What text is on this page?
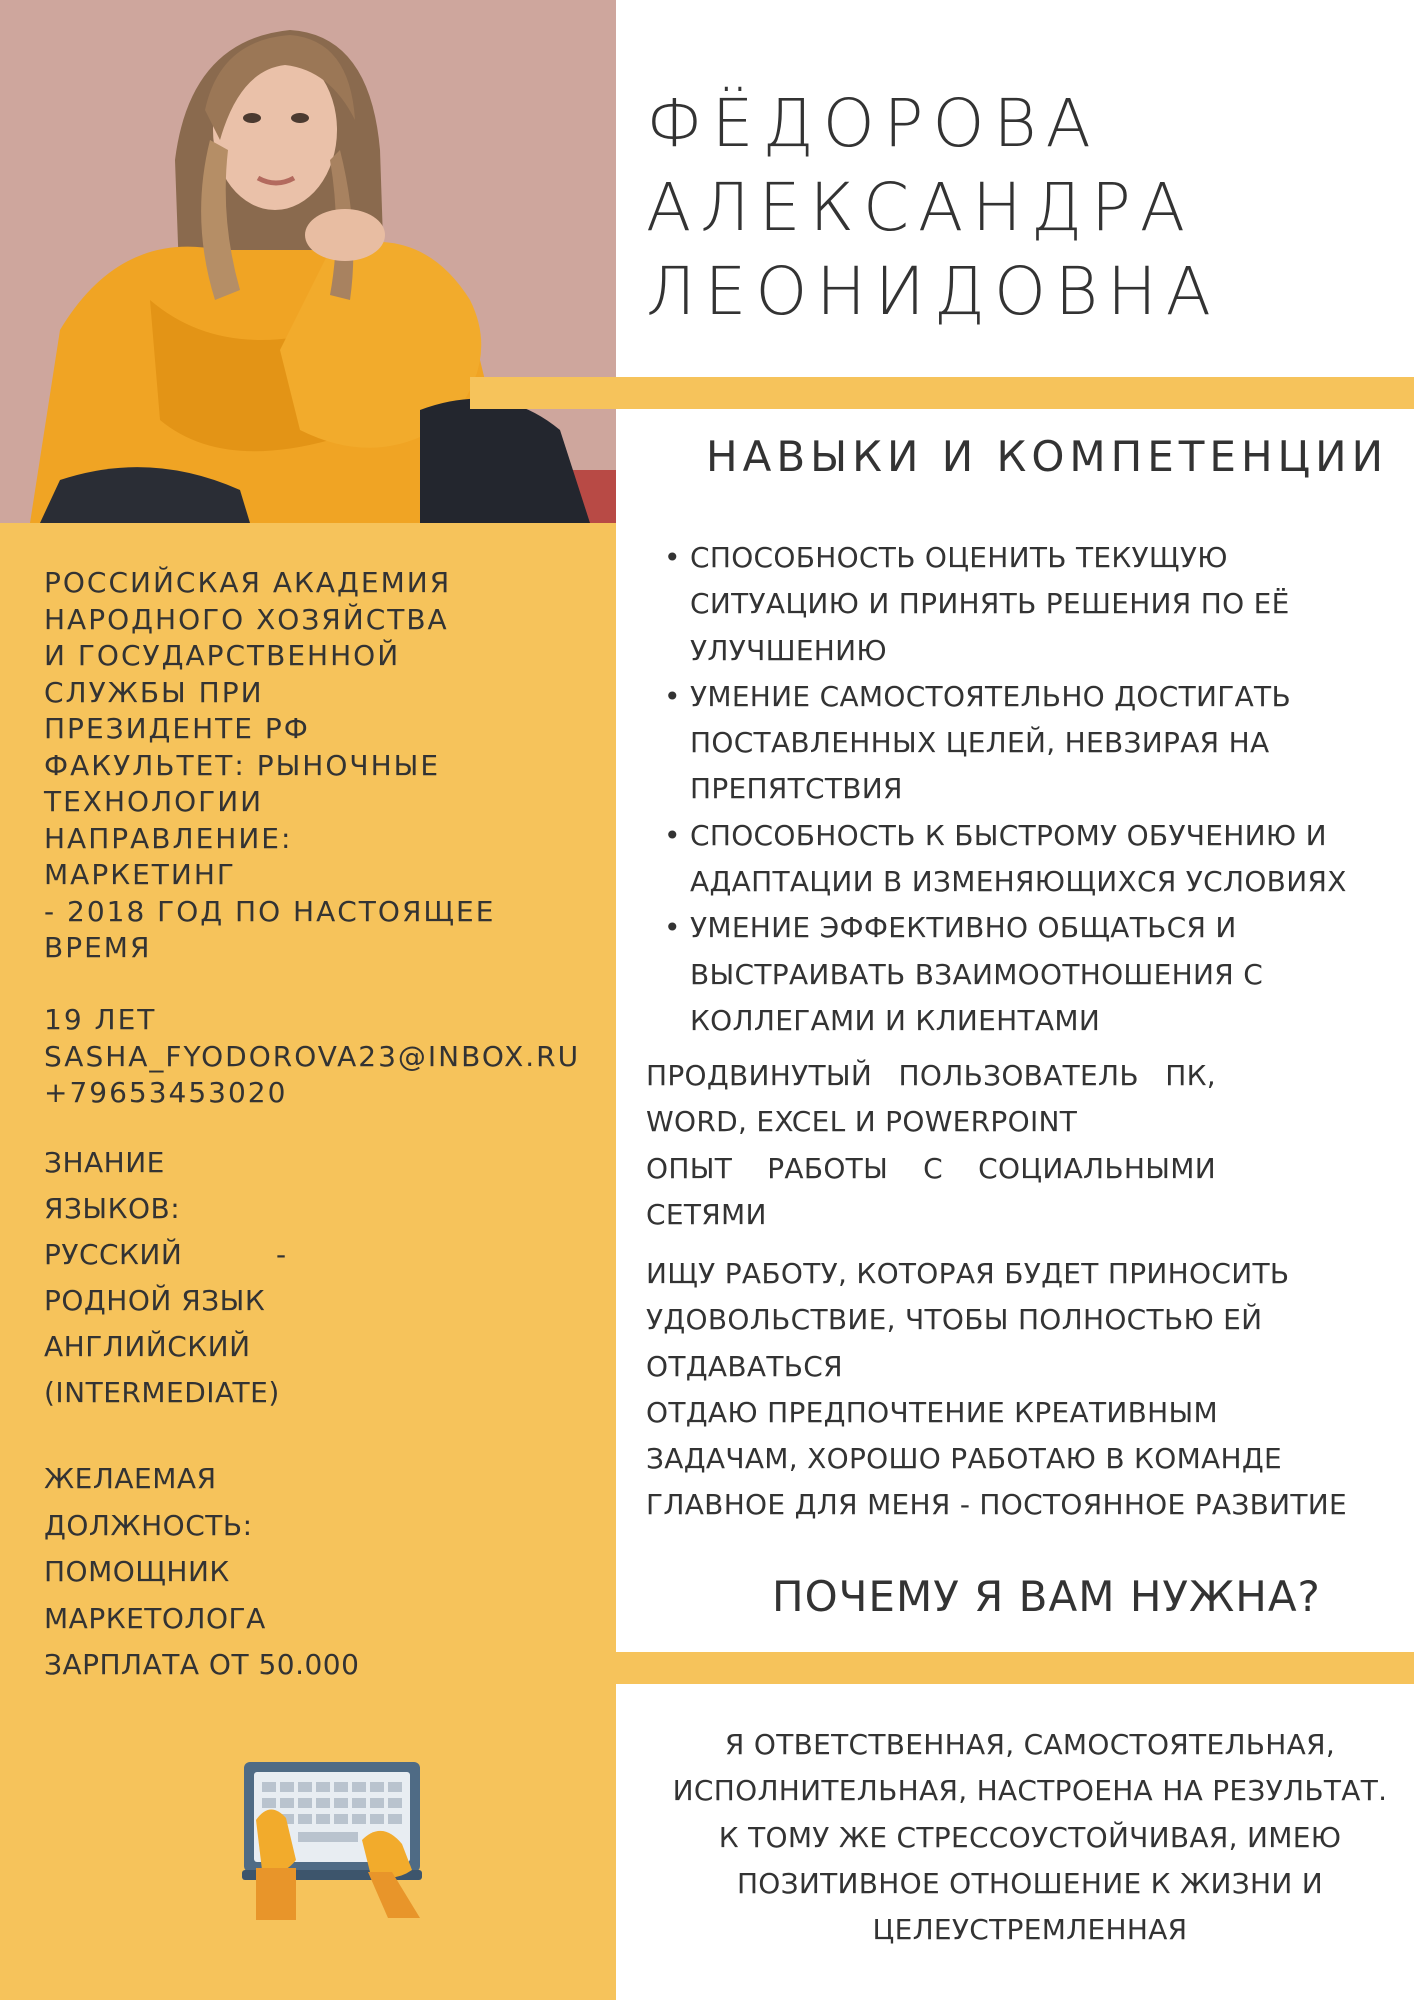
РОССИЙСКАЯ АКАДЕМИЯ
НАРОДНОГО ХОЗЯЙСТВА
И ГОСУДАРСТВЕННОЙ
СЛУЖБЫ ПРИ
ПРЕЗИДЕНТЕ РФ
ФАКУЛЬТЕТ: РЫНОЧНЫЕ
ТЕХНОЛОГИИ
НАПРАВЛЕНИЕ:
МАРКЕТИНГ
- 2018 ГОД ПО НАСТОЯЩЕЕ
ВРЕМЯ
19 ЛЕТ
SASHA_FYODOROVA23@INBOX.RU
+79653453020
ЗНАНИЕ
ЯЗЫКОВ:
РУССКИЙ	-
РОДНОЙ ЯЗЫК
АНГЛИЙСКИЙ
(INTERMEDIATE)
ЖЕЛАЕМАЯ
ДОЛЖНОСТЬ:
ПОМОЩНИК
МАРКЕТОЛОГА
ЗАРПЛАТА ОТ 50.000
ФЁДОРОВА
АЛЕКСАНДРА
ЛЕОНИДОВНА
НАВЫКИ И КОМПЕТЕНЦИИ
• СПОСОБНОСТЬ ОЦЕНИТЬ ТЕКУЩУЮ
СИТУАЦИЮ И ПРИНЯТЬ РЕШЕНИЯ ПО ЕЁ
УЛУЧШЕНИЮ
• УМЕНИЕ САМОСТОЯТЕЛЬНО ДОСТИГАТЬ
ПОСТАВЛЕННЫХ ЦЕЛЕЙ, НЕВЗИРАЯ НА
ПРЕПЯТСТВИЯ
• СПОСОБНОСТЬ К БЫСТРОМУ ОБУЧЕНИЮ И
АДАПТАЦИИ В ИЗМЕНЯЮЩИХСЯ УСЛОВИЯХ
• УМЕНИЕ ЭФФЕКТИВНО ОБЩАТЬСЯ И
ВЫСТРАИВАТЬ ВЗАИМООТНОШЕНИЯ С
КОЛЛЕГАМИ И КЛИЕНТАМИ
ПРОДВИНУТЫЙ ПОЛЬЗОВАТЕЛЬ ПК,
WORD, EXCEL И POWERPOINT
ОПЫТ РАБОТЫ С СОЦИАЛЬНЫМИ
СЕТЯМИ
ИЩУ РАБОТУ, КОТОРАЯ БУДЕТ ПРИНОСИТЬ
УДОВОЛЬСТВИЕ, ЧТОБЫ ПОЛНОСТЬЮ ЕЙ
ОТДАВАТЬСЯ
ОТДАЮ ПРЕДПОЧТЕНИЕ КРЕАТИВНЫМ
ЗАДАЧАМ, ХОРОШО РАБОТАЮ В КОМАНДЕ
ГЛАВНОЕ ДЛЯ МЕНЯ - ПОСТОЯННОЕ РАЗВИТИЕ
ПОЧЕМУ Я ВАМ НУЖНА?
Я ОТВЕТСТВЕННАЯ, САМОСТОЯТЕЛЬНАЯ,
ИСПОЛНИТЕЛЬНАЯ, НАСТРОЕНА НА РЕЗУЛЬТАТ.
К ТОМУ ЖЕ СТРЕССОУСТОЙЧИВАЯ, ИМЕЮ
ПОЗИТИВНОЕ ОТНОШЕНИЕ К ЖИЗНИ И
ЦЕЛЕУСТРЕМЛЕННАЯ
